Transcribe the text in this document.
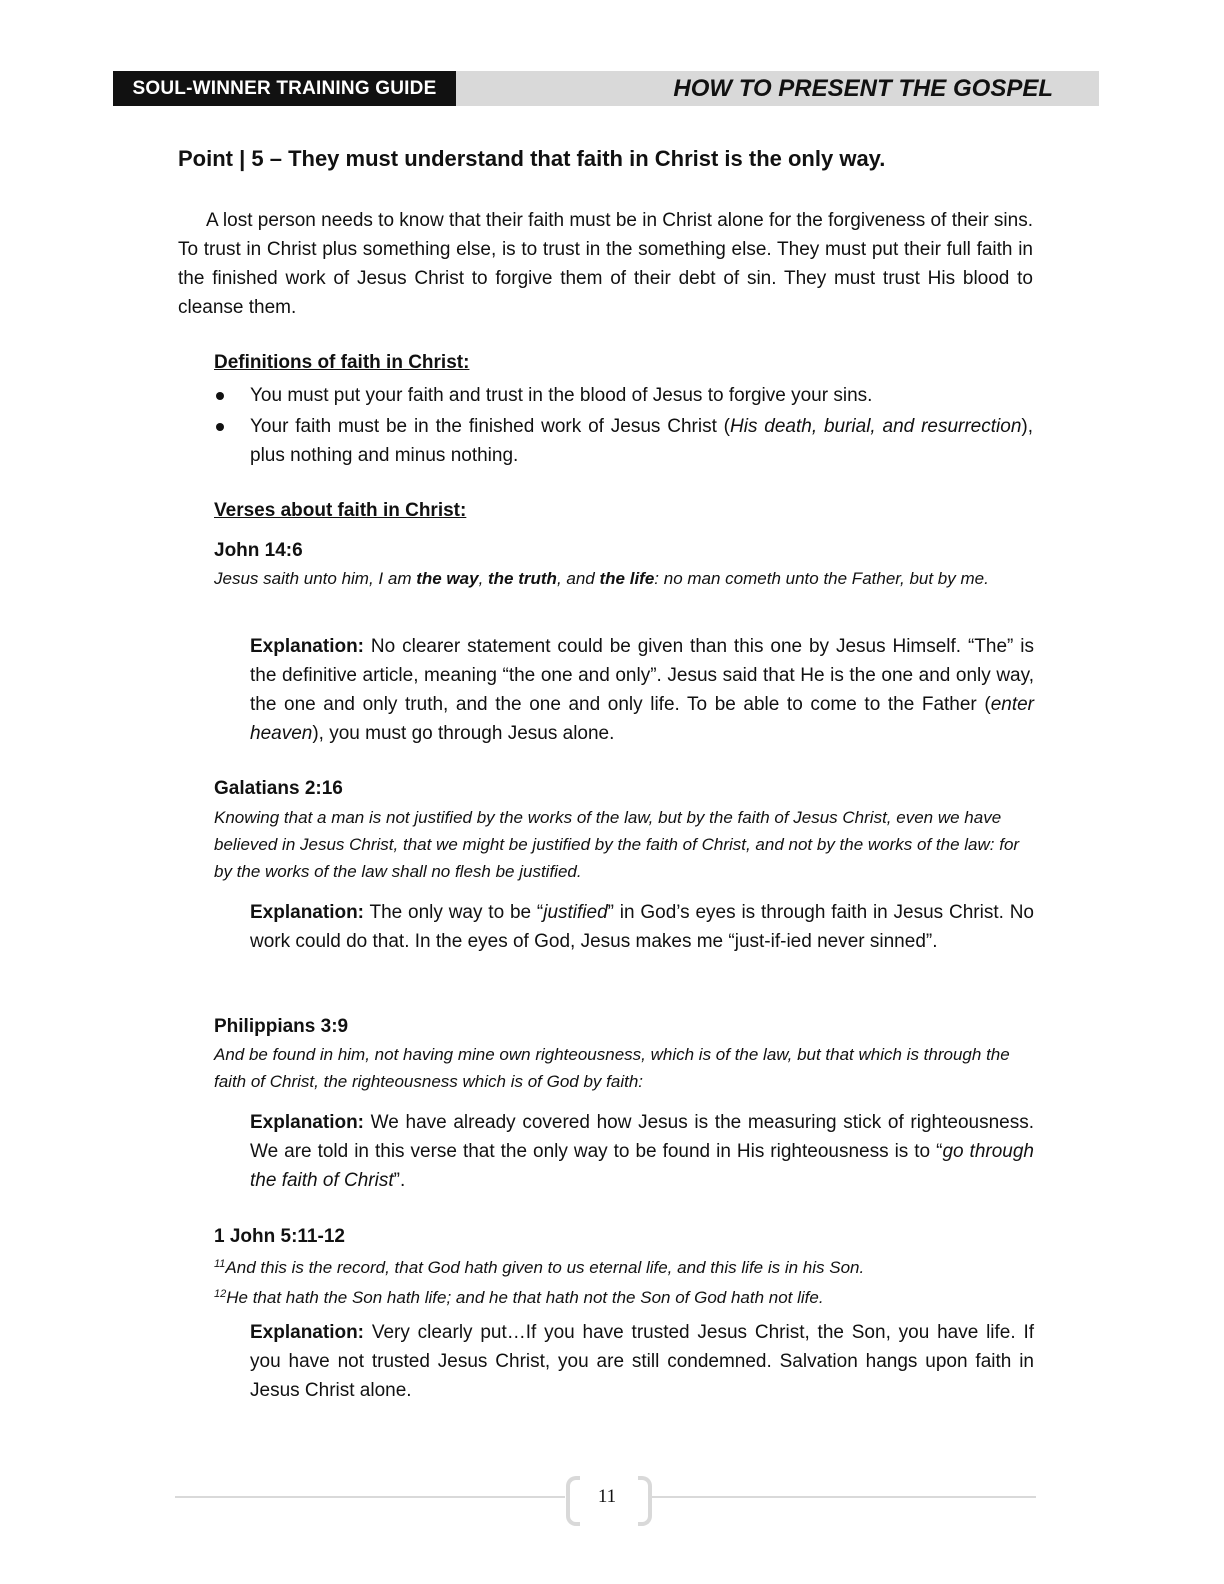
SOUL-WINNER TRAINING GUIDE	HOW TO PRESENT THE GOSPEL
Point | 5 – They must understand that faith in Christ is the only way.
A lost person needs to know that their faith must be in Christ alone for the forgiveness of their sins. To trust in Christ plus something else, is to trust in the something else. They must put their full faith in the finished work of Jesus Christ to forgive them of their debt of sin. They must trust His blood to cleanse them.
Definitions of faith in Christ:
You must put your faith and trust in the blood of Jesus to forgive your sins.
Your faith must be in the finished work of Jesus Christ (His death, burial, and resurrection), plus nothing and minus nothing.
Verses about faith in Christ:
John 14:6
Jesus saith unto him, I am the way, the truth, and the life: no man cometh unto the Father, but by me.
Explanation: No clearer statement could be given than this one by Jesus Himself. “The” is the definitive article, meaning “the one and only”. Jesus said that He is the one and only way, the one and only truth, and the one and only life. To be able to come to the Father (enter heaven), you must go through Jesus alone.
Galatians 2:16
Knowing that a man is not justified by the works of the law, but by the faith of Jesus Christ, even we have believed in Jesus Christ, that we might be justified by the faith of Christ, and not by the works of the law: for by the works of the law shall no flesh be justified.
Explanation: The only way to be “justified” in God’s eyes is through faith in Jesus Christ. No work could do that. In the eyes of God, Jesus makes me “just-if-ied never sinned”.
Philippians 3:9
And be found in him, not having mine own righteousness, which is of the law, but that which is through the faith of Christ, the righteousness which is of God by faith:
Explanation: We have already covered how Jesus is the measuring stick of righteousness. We are told in this verse that the only way to be found in His righteousness is to “go through the faith of Christ”.
1 John 5:11-12
$^{11}$And this is the record, that God hath given to us eternal life, and this life is in his Son.
$^{12}$He that hath the Son hath life; and he that hath not the Son of God hath not life.
Explanation: Very clearly put…If you have trusted Jesus Christ, the Son, you have life. If you have not trusted Jesus Christ, you are still condemned. Salvation hangs upon faith in Jesus Christ alone.
11
